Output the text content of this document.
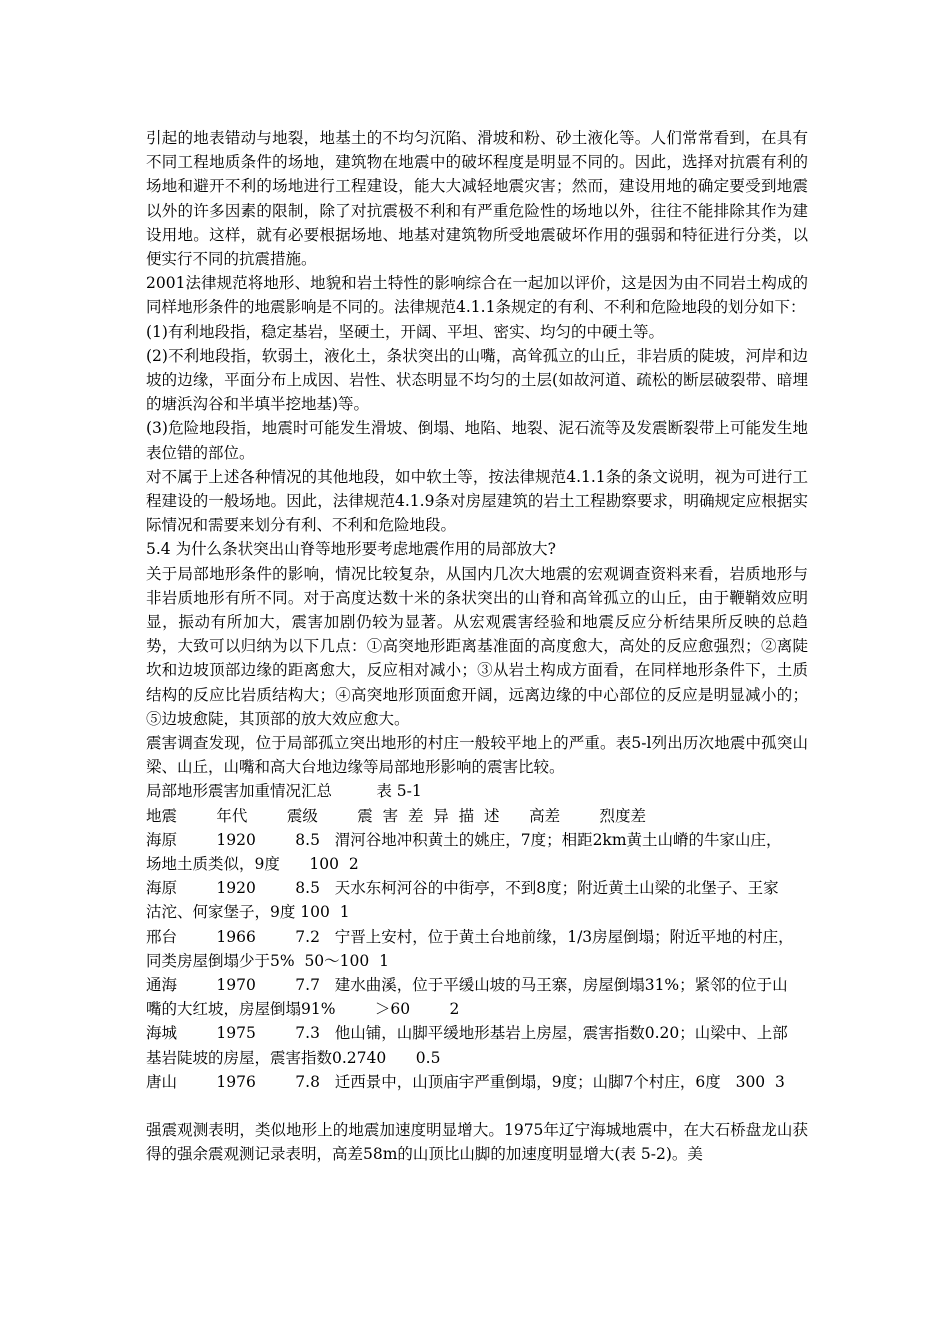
引起的地表错动与地裂，地基土的不均匀沉陷、滑坡和粉、砂土液化等。人们常常看到，在具有不同工程地质条件的场地，建筑物在地震中的破坏程度是明显不同的。因此，选择对抗震有利的场地和避开不利的场地进行工程建设，能大大减轻地震灾害；然而，建设用地的确定要受到地震以外的许多因素的限制，除了对抗震极不利和有严重危险性的场地以外，往往不能排除其作为建设用地。这样，就有必要根据场地、地基对建筑物所受地震破坏作用的强弱和特征进行分类，以便实行不同的抗震措施。

2001法律规范将地形、地貌和岩土特性的影响综合在一起加以评价，这是因为由不同岩土构成的同样地形条件的地震影响是不同的。法律规范4.1.1条规定的有利、不利和危险地段的划分如下：

(1)有利地段指，稳定基岩，坚硬土，开阔、平坦、密实、均匀的中硬土等。

(2)不利地段指，软弱土，液化土，条状突出的山嘴，高耸孤立的山丘，非岩质的陡坡，河岸和边坡的边缘，平面分布上成因、岩性、状态明显不均匀的土层(如故河道、疏松的断层破裂带、暗埋的塘浜沟谷和半填半挖地基)等。

(3)危险地段指，地震时可能发生滑坡、倒塌、地陷、地裂、泥石流等及发震断裂带上可能发生地表位错的部位。

对不属于上述各种情况的其他地段，如中软土等，按法律规范4.1.1条的条文说明，视为可进行工程建设的一般场地。因此，法律规范4.1.9条对房屋建筑的岩土工程勘察要求，明确规定应根据实际情况和需要来划分有利、不利和危险地段。

5.4 为什么条状突出山脊等地形要考虑地震作用的局部放大?

关于局部地形条件的影响，情况比较复杂，从国内几次大地震的宏观调查资料来看，岩质地形与非岩质地形有所不同。对于高度达数十米的条状突出的山脊和高耸孤立的山丘，由于鞭鞘效应明显，振动有所加大，震害加剧仍较为显著。从宏观震害经验和地震反应分析结果所反映的总趋势，大致可以归纳为以下几点：①高突地形距离基准面的高度愈大，高处的反应愈强烈；②离陡坎和边坡顶部边缘的距离愈大，反应相对减小；③从岩土构成方面看，在同样地形条件下，土质结构的反应比岩质结构大；④高突地形顶面愈开阔，远离边缘的中心部位的反应是明显减小的；⑤边坡愈陡，其顶部的放大效应愈大。

震害调查发现，位于局部孤立突出地形的村庄一般较平地上的严重。表5-l列出历次地震中孤突山梁、山丘，山嘴和高大台地边缘等局部地形影响的震害比较。

局部地形震害加重情况汇总         表 5-1
地震        年代        震级        震  害  差  异  描  述      高差        烈度差
海原        1920        8.5   渭河谷地冲积黄土的姚庄，7度；相距2km黄土山嵴的牛家山庄，
场地土质类似，9度      100  2
海原        1920        8.5   天水东柯河谷的中街亭，不到8度；附近黄土山梁的北堡子、王家
沽沱、何家堡子，9度 100  1
邢台        1966        7.2   宁晋上安村，位于黄土台地前缘，1/3房屋倒塌；附近平地的村庄，
同类房屋倒塌少于5%  50～100  1
通海        1970        7.7   建水曲溪，位于平缓山坡的马王寨，房屋倒塌31%；紧邻的位于山
嘴的大红坡，房屋倒塌91%        ＞60        2
海城        1975        7.3   他山铺，山脚平缓地形基岩上房屋，震害指数0.20；山梁中、上部
基岩陡坡的房屋，震害指数0.2740      0.5
唐山        1976        7.8   迁西景中，山顶庙宇严重倒塌，9度；山脚7个村庄，6度   300  3

强震观测表明，类似地形上的地震加速度明显增大。1975年辽宁海城地震中，在大石桥盘龙山获得的强余震观测记录表明，高差58m的山顶比山脚的加速度明显增大(表 5-2)。美
